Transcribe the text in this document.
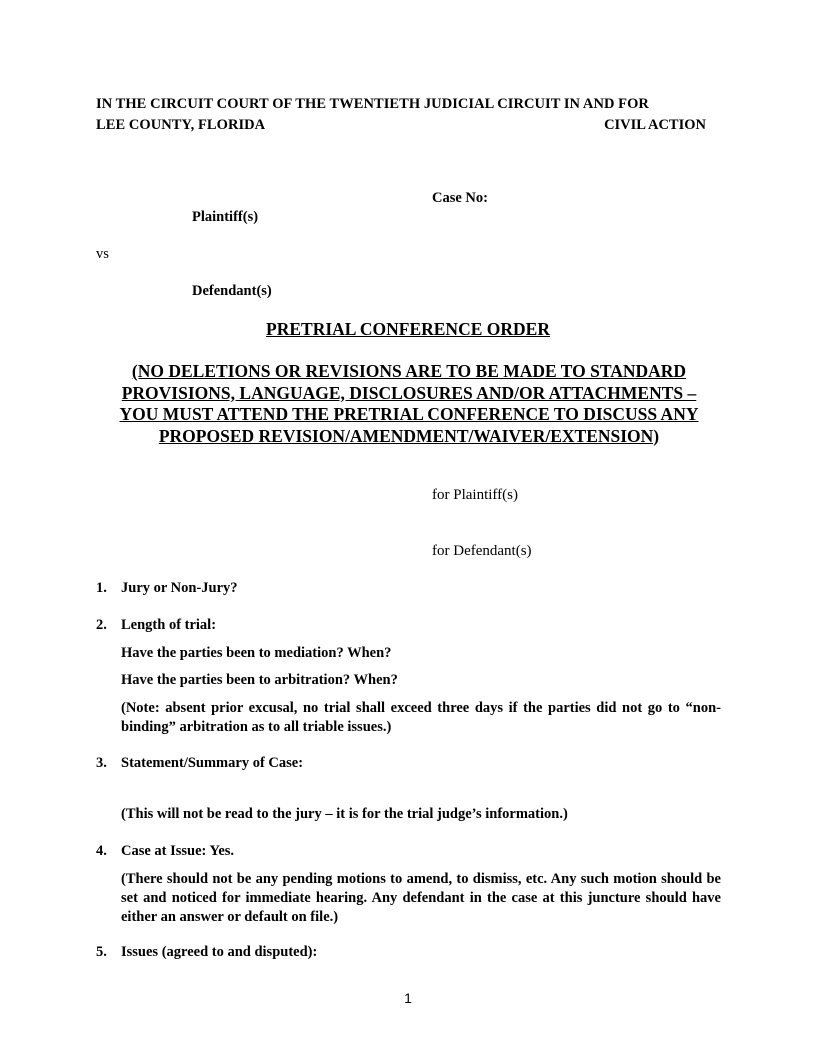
IN THE CIRCUIT COURT OF THE TWENTIETH JUDICIAL CIRCUIT IN AND FOR
LEE COUNTY, FLORIDA	CIVIL ACTION
Case No:
Plaintiff(s)
vs
Defendant(s)
PRETRIAL CONFERENCE ORDER
(NO DELETIONS OR REVISIONS ARE TO BE MADE TO STANDARD
PROVISIONS, LANGUAGE, DISCLOSURES AND/OR ATTACHMENTS –
YOU MUST ATTEND THE PRETRIAL CONFERENCE TO DISCUSS ANY
PROPOSED REVISION/AMENDMENT/WAIVER/EXTENSION)
for Plaintiff(s)
for Defendant(s)
1. Jury or Non-Jury?
2. Length of trial:
Have the parties been to mediation? When?
Have the parties been to arbitration? When?
(Note: absent prior excusal, no trial shall exceed three days if the parties did not go to “non-binding” arbitration as to all triable issues.)
3. Statement/Summary of Case:
(This will not be read to the jury – it is for the trial judge’s information.)
4. Case at Issue: Yes.
(There should not be any pending motions to amend, to dismiss, etc. Any such motion should be set and noticed for immediate hearing. Any defendant in the case at this juncture should have either an answer or default on file.)
5. Issues (agreed to and disputed):
1
